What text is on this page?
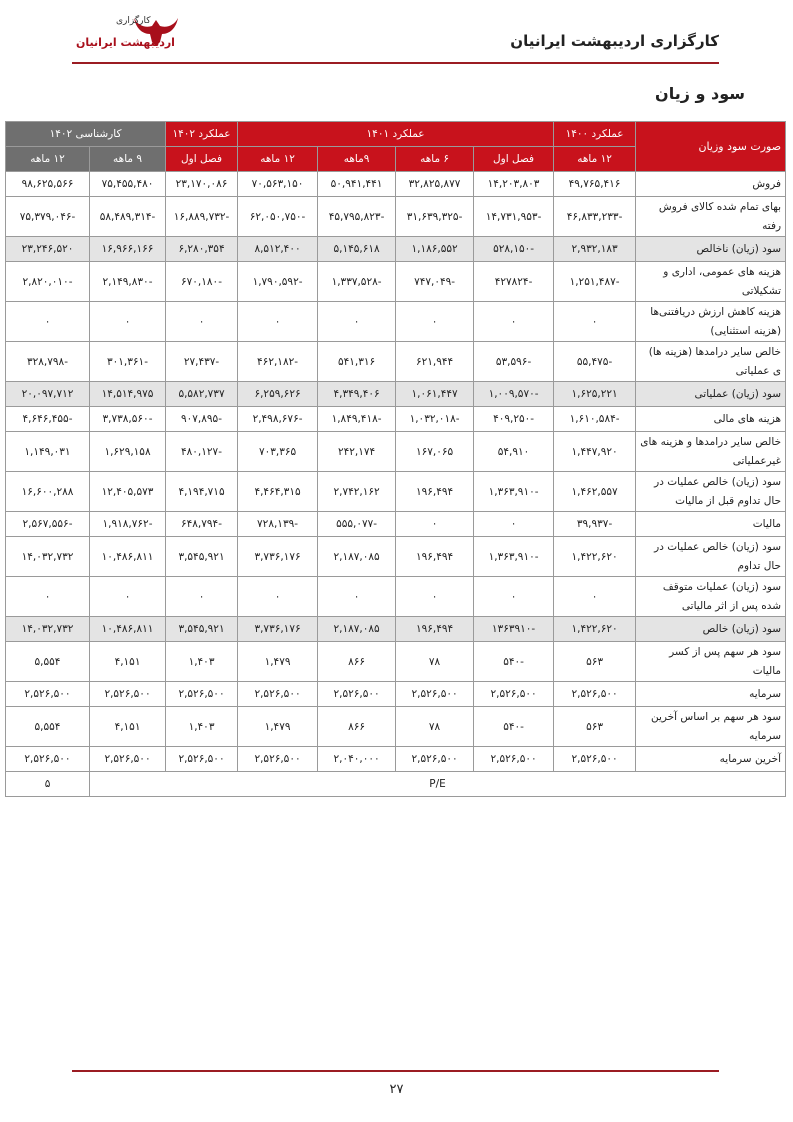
کارگزاری
اردیبهشت ایرانیان	کارگزاری اردیبهشت ایرانیان
سود و زیان
صورت سود وزیان	عملکرد ۱۴۰۰	عملکرد ۱۴۰۱				عملکرد ۱۴۰۲	کارشناسی ۱۴۰۲	
	۱۲ ماهه	فصل اول	۶ ماهه	۹ماهه	۱۲ ماهه	فصل اول	۹ ماهه	۱۲ ماهه
فروش	۴۹,۷۶۵,۴۱۶	۱۴,۲۰۳,۸۰۳	۳۲,۸۲۵,۸۷۷	۵۰,۹۴۱,۴۴۱	۷۰,۵۶۳,۱۵۰	۲۳,۱۷۰,۰۸۶	۷۵,۴۵۵,۴۸۰	۹۸,۶۲۵,۵۶۶
بهای تمام شده کالای فروش رفته	-۴۶,۸۳۳,۲۳۳	-۱۴,۷۳۱,۹۵۳	-۳۱,۶۳۹,۳۲۵	-۴۵,۷۹۵,۸۲۳	-۶۲,۰۵۰,۷۵۰	-۱۶,۸۸۹,۷۳۲	-۵۸,۴۸۹,۳۱۴	-۷۵,۳۷۹,۰۴۶
سود (زیان) ناخالص	۲,۹۳۲,۱۸۳	-۵۲۸,۱۵۰	۱,۱۸۶,۵۵۲	۵,۱۴۵,۶۱۸	۸,۵۱۲,۴۰۰	۶,۲۸۰,۳۵۴	۱۶,۹۶۶,۱۶۶	۲۳,۲۴۶,۵۲۰
هزینه های عمومی، اداری و تشکیلاتی	-۱,۲۵۱,۴۸۷	-۴۲۷۸۲۴	-۷۴۷,۰۴۹	-۱,۳۳۷,۵۲۸	-۱,۷۹۰,۵۹۲	-۶۷۰,۱۸۰	-۲,۱۴۹,۸۳۰	-۲,۸۲۰,۰۱۰
هزینه کاهش ارزش دریافتنی‌ها (هزینه استثنایی)	۰	۰	۰	۰	۰	۰	۰	۰
خالص سایر درامدها (هزینه ها) ی عملیاتی	-۵۵,۴۷۵	-۵۳,۵۹۶	۶۲۱,۹۴۴	۵۴۱,۳۱۶	-۴۶۲,۱۸۲	-۲۷,۴۳۷	-۳۰۱,۳۶۱	-۳۲۸,۷۹۸
سود (زیان) عملیاتی	۱,۶۲۵,۲۲۱	-۱,۰۰۹,۵۷۰	۱,۰۶۱,۴۴۷	۴,۳۴۹,۴۰۶	۶,۲۵۹,۶۲۶	۵,۵۸۲,۷۳۷	۱۴,۵۱۴,۹۷۵	۲۰,۰۹۷,۷۱۲
هزینه های مالی	-۱,۶۱۰,۵۸۴	-۴۰۹,۲۵۰	-۱,۰۳۲,۰۱۸	-۱,۸۴۹,۴۱۸	-۲,۴۹۸,۶۷۶	-۹۰۷,۸۹۵	-۳,۷۳۸,۵۶۰	-۴,۶۴۶,۴۵۵
خالص سایر درامدها و هزینه های غیرعملیاتی	۱,۴۴۷,۹۲۰	۵۴,۹۱۰	۱۶۷,۰۶۵	۲۴۲,۱۷۴	۷۰۳,۳۶۵	-۴۸۰,۱۲۷	۱,۶۲۹,۱۵۸	۱,۱۴۹,۰۳۱
سود (زیان) خالص عملیات در حال تداوم قبل از مالیات	۱,۴۶۲,۵۵۷	-۱,۳۶۳,۹۱۰	۱۹۶,۴۹۴	۲,۷۴۲,۱۶۲	۴,۴۶۴,۳۱۵	۴,۱۹۴,۷۱۵	۱۲,۴۰۵,۵۷۳	۱۶,۶۰۰,۲۸۸
مالیات	-۳۹,۹۳۷	۰	۰	-۵۵۵,۰۷۷	-۷۲۸,۱۳۹	-۶۴۸,۷۹۴	-۱,۹۱۸,۷۶۲	-۲,۵۶۷,۵۵۶
سود (زیان) خالص عملیات در حال تداوم	۱,۴۲۲,۶۲۰	-۱,۳۶۳,۹۱۰	۱۹۶,۴۹۴	۲,۱۸۷,۰۸۵	۳,۷۳۶,۱۷۶	۳,۵۴۵,۹۲۱	۱۰,۴۸۶,۸۱۱	۱۴,۰۳۲,۷۳۲
سود (زیان) عملیات متوقف شده پس از اثر مالیاتی	۰	۰	۰	۰	۰	۰	۰	۰
سود (زیان) خالص	۱,۴۲۲,۶۲۰	-۱۳۶۳۹۱۰	۱۹۶,۴۹۴	۲,۱۸۷,۰۸۵	۳,۷۳۶,۱۷۶	۳,۵۴۵,۹۲۱	۱۰,۴۸۶,۸۱۱	۱۴,۰۳۲,۷۳۲
سود هر سهم پس از کسر مالیات	۵۶۳	-۵۴۰	۷۸	۸۶۶	۱,۴۷۹	۱,۴۰۳	۴,۱۵۱	۵,۵۵۴
سرمایه	۲,۵۲۶,۵۰۰	۲,۵۲۶,۵۰۰	۲,۵۲۶,۵۰۰	۲,۵۲۶,۵۰۰	۲,۵۲۶,۵۰۰	۲,۵۲۶,۵۰۰	۲,۵۲۶,۵۰۰	۲,۵۲۶,۵۰۰
سود هر سهم بر اساس آخرین سرمایه	۵۶۳	-۵۴۰	۷۸	۸۶۶	۱,۴۷۹	۱,۴۰۳	۴,۱۵۱	۵,۵۵۴
آخرین سرمایه	۲,۵۲۶,۵۰۰	۲,۵۲۶,۵۰۰	۲,۵۲۶,۵۰۰	۲,۰۴۰,۰۰۰	۲,۵۲۶,۵۰۰	۲,۵۲۶,۵۰۰	۲,۵۲۶,۵۰۰	۲,۵۲۶,۵۰۰
P/E								۵
۲۷
